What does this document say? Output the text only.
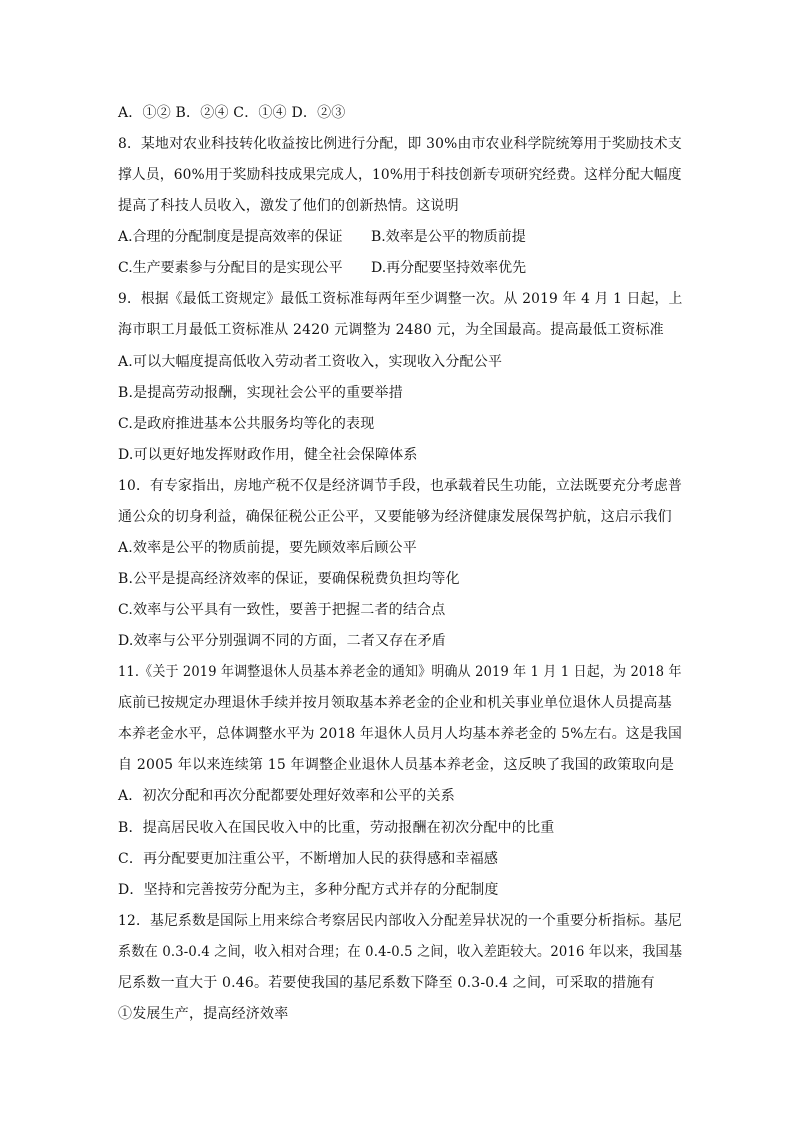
A．①② B．②④ C．①④ D．②③
8．某地对农业科技转化收益按比例进行分配，即 30%由市农业科学院统筹用于奖励技术支
撑人员，60%用于奖励科技成果完成人，10%用于科技创新专项研究经费。这样分配大幅度
提高了科技人员收入，激发了他们的创新热情。这说明
A.合理的分配制度是提高效率的保证 B.效率是公平的物质前提
C.生产要素参与分配目的是实现公平 D.再分配要坚持效率优先
9．根据《最低工资规定》最低工资标准每两年至少调整一次。从 2019 年 4 月 1 日起，上
海市职工月最低工资标准从 2420 元调整为 2480 元，为全国最高。提高最低工资标准
A.可以大幅度提高低收入劳动者工资收入，实现收入分配公平
B.是提高劳动报酬，实现社会公平的重要举措
C.是政府推进基本公共服务均等化的表现
D.可以更好地发挥财政作用，健全社会保障体系
10．有专家指出，房地产税不仅是经济调节手段，也承载着民生功能，立法既要充分考虑普
通公众的切身利益，确保征税公正公平，又要能够为经济健康发展保驾护航，这启示我们
A.效率是公平的物质前提，要先顾效率后顾公平
B.公平是提高经济效率的保证，要确保税费负担均等化
C.效率与公平具有一致性，要善于把握二者的结合点
D.效率与公平分别强调不同的方面，二者又存在矛盾
11.《关于 2019 年调整退休人员基本养老金的通知》明确从 2019 年 1 月 1 日起，为 2018 年
底前已按规定办理退休手续并按月领取基本养老金的企业和机关事业单位退休人员提高基
本养老金水平，总体调整水平为 2018 年退休人员月人均基本养老金的 5%左右。这是我国
自 2005 年以来连续第 15 年调整企业退休人员基本养老金，这反映了我国的政策取向是
A．初次分配和再次分配都要处理好效率和公平的关系
B．提高居民收入在国民收入中的比重，劳动报酬在初次分配中的比重
C．再分配要更加注重公平，不断增加人民的获得感和幸福感
D．坚持和完善按劳分配为主，多种分配方式并存的分配制度
12．基尼系数是国际上用来综合考察居民内部收入分配差异状况的一个重要分析指标。基尼
系数在 0.3-0.4 之间，收入相对合理；在 0.4-0.5 之间，收入差距较大。2016 年以来，我国基
尼系数一直大于 0.46。若要使我国的基尼系数下降至 0.3-0.4 之间，可采取的措施有
①发展生产，提高经济效率
